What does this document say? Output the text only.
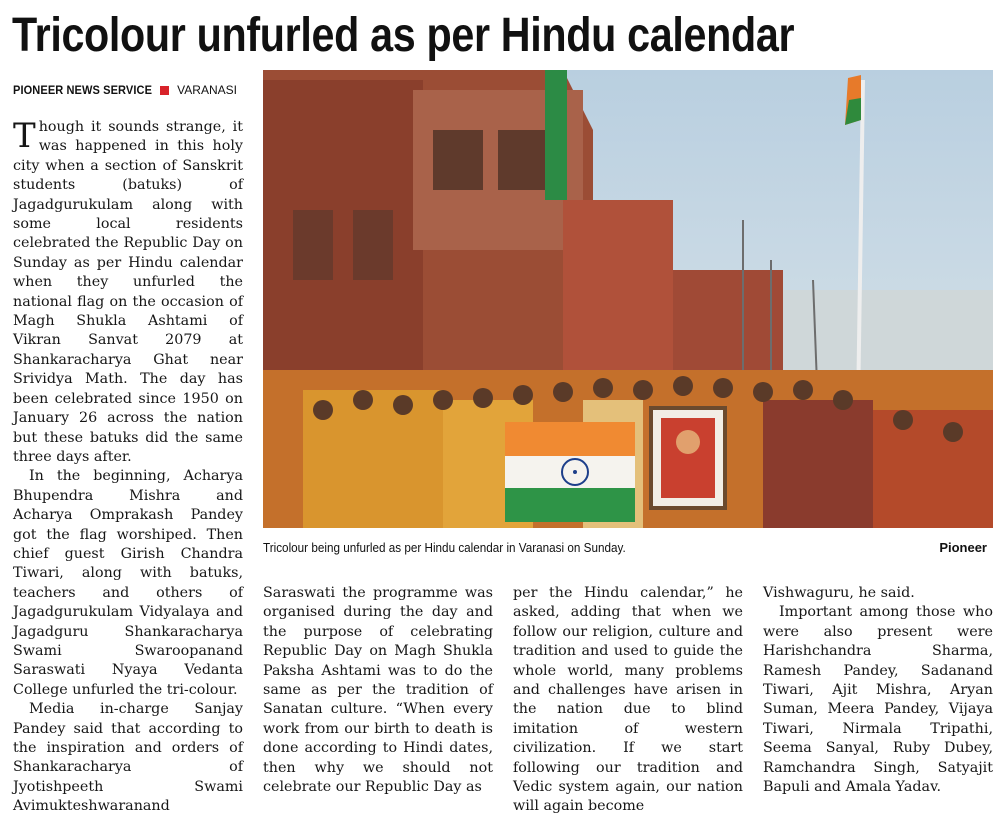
Tricolour unfurled as per Hindu calendar
PIONEER NEWS SERVICE VARANASI

Though it sounds strange, it was happened in this holy city when a section of Sanskrit students (batuks) of Jagadgurukulam along with some local residents celebrated the Republic Day on Sunday as per Hindu calendar when they unfurled the national flag on the occasion of Magh Shukla Ashtami of Vikran Sanvat 2079 at Shankaracharya Ghat near Srividya Math. The day has been celebrated since 1950 on January 26 across the nation but these batuks did the same three days after.

In the beginning, Acharya Bhupendra Mishra and Acharya Omprakash Pandey got the flag worshiped. Then chief guest Girish Chandra Tiwari, along with batuks, teachers and others of Jagadgurukulam Vidyalaya and Jagadguru Shankaracharya Swami Swaroopanand Saraswati Nyaya Vedanta College unfurled the tri-colour.

Media in-charge Sanjay Pandey said that according to the inspiration and orders of Shankaracharya of Jyotishpeeth Swami Avimukteshwaranand

Tricolour being unfurled as per Hindu calendar in Varanasi on Sunday.	Pioneer

Saraswati the programme was organised during the day and the purpose of celebrating Republic Day on Magh Shukla Paksha Ashtami was to do the same as per the tradition of Sanatan culture. “When every work from our birth to death is done according to Hindi dates, then why we should not celebrate our Republic Day as

per the Hindu calendar,” he asked, adding that when we follow our religion, culture and tradition and used to guide the whole world, many problems and challenges have arisen in the nation due to blind imitation of western civilization. If we start following our tradition and Vedic system again, our nation will again become

Vishwaguru, he said.

Important among those who were also present were Harishchandra Sharma, Ramesh Pandey, Sadanand Tiwari, Ajit Mishra, Aryan Suman, Meera Pandey, Vijaya Tiwari, Nirmala Tripathi, Seema Sanyal, Ruby Dubey, Ramchandra Singh, Satyajit Bapuli and Amala Yadav.
